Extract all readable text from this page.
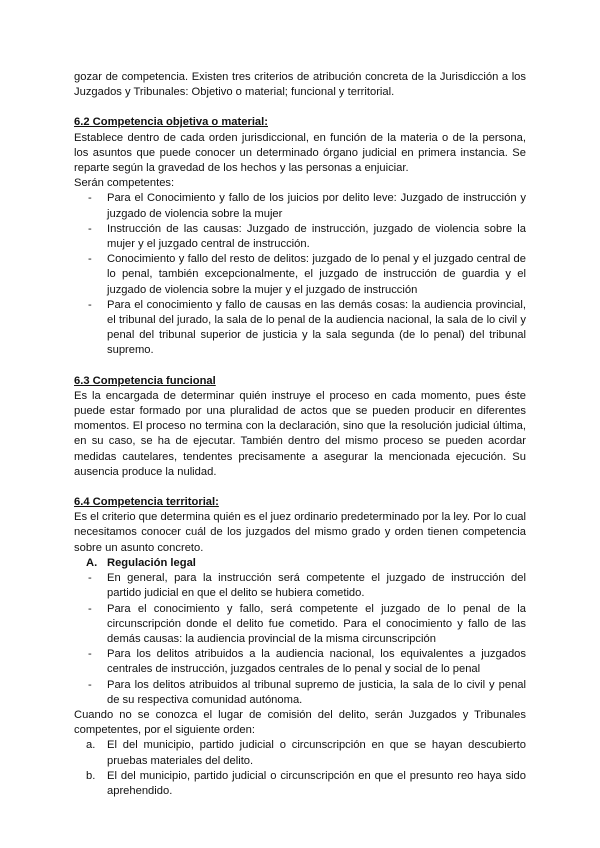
gozar de competencia. Existen tres criterios de atribución concreta de la Jurisdicción a los Juzgados y Tribunales: Objetivo o material; funcional y territorial.

6.2 Competencia objetiva o material:

Establece dentro de cada orden jurisdiccional, en función de la materia o de la persona, los asuntos que puede conocer un determinado órgano judicial en primera instancia. Se reparte según la gravedad de los hechos y las personas a enjuiciar.

Serán competentes:

- Para el Conocimiento y fallo de los juicios por delito leve: Juzgado de instrucción y juzgado de violencia sobre la mujer
- Instrucción de las causas: Juzgado de instrucción, juzgado de violencia sobre la mujer y el juzgado central de instrucción.
- Conocimiento y fallo del resto de delitos: juzgado de lo penal y el juzgado central de lo penal, también excepcionalmente, el juzgado de instrucción de guardia y el juzgado de violencia sobre la mujer y el juzgado de instrucción
- Para el conocimiento y fallo de causas en las demás cosas: la audiencia provincial, el tribunal del jurado, la sala de lo penal de la audiencia nacional, la sala de lo civil y penal del tribunal superior de justicia y la sala segunda (de lo penal) del tribunal supremo.
6.3 Competencia funcional

Es la encargada de determinar quién instruye el proceso en cada momento, pues éste puede estar formado por una pluralidad de actos que se pueden producir en diferentes momentos. El proceso no termina con la declaración, sino que la resolución judicial última, en su caso, se ha de ejecutar. También dentro del mismo proceso se pueden acordar medidas cautelares, tendentes precisamente a asegurar la mencionada ejecución. Su ausencia produce la nulidad.

6.4 Competencia territorial:

Es el criterio que determina quién es el juez ordinario predeterminado por la ley. Por lo cual necesitamos conocer cuál de los juzgados del mismo grado y orden tienen competencia sobre un asunto concreto.

A. Regulación legal
- En general, para la instrucción será competente el juzgado de instrucción del partido judicial en que el delito se hubiera cometido.
- Para el conocimiento y fallo, será competente el juzgado de lo penal de la circunscripción donde el delito fue cometido. Para el conocimiento y fallo de las demás causas: la audiencia provincial de la misma circunscripción
- Para los delitos atribuidos a la audiencia nacional, los equivalentes a juzgados centrales de instrucción, juzgados centrales de lo penal y social de lo penal
- Para los delitos atribuidos al tribunal supremo de justicia, la sala de lo civil y penal de su respectiva comunidad autónoma.

Cuando no se conozca el lugar de comisión del delito, serán Juzgados y Tribunales competentes, por el siguiente orden:

a. El del municipio, partido judicial o circunscripción en que se hayan descubierto pruebas materiales del delito.
b. El del municipio, partido judicial o circunscripción en que el presunto reo haya sido aprehendido.
